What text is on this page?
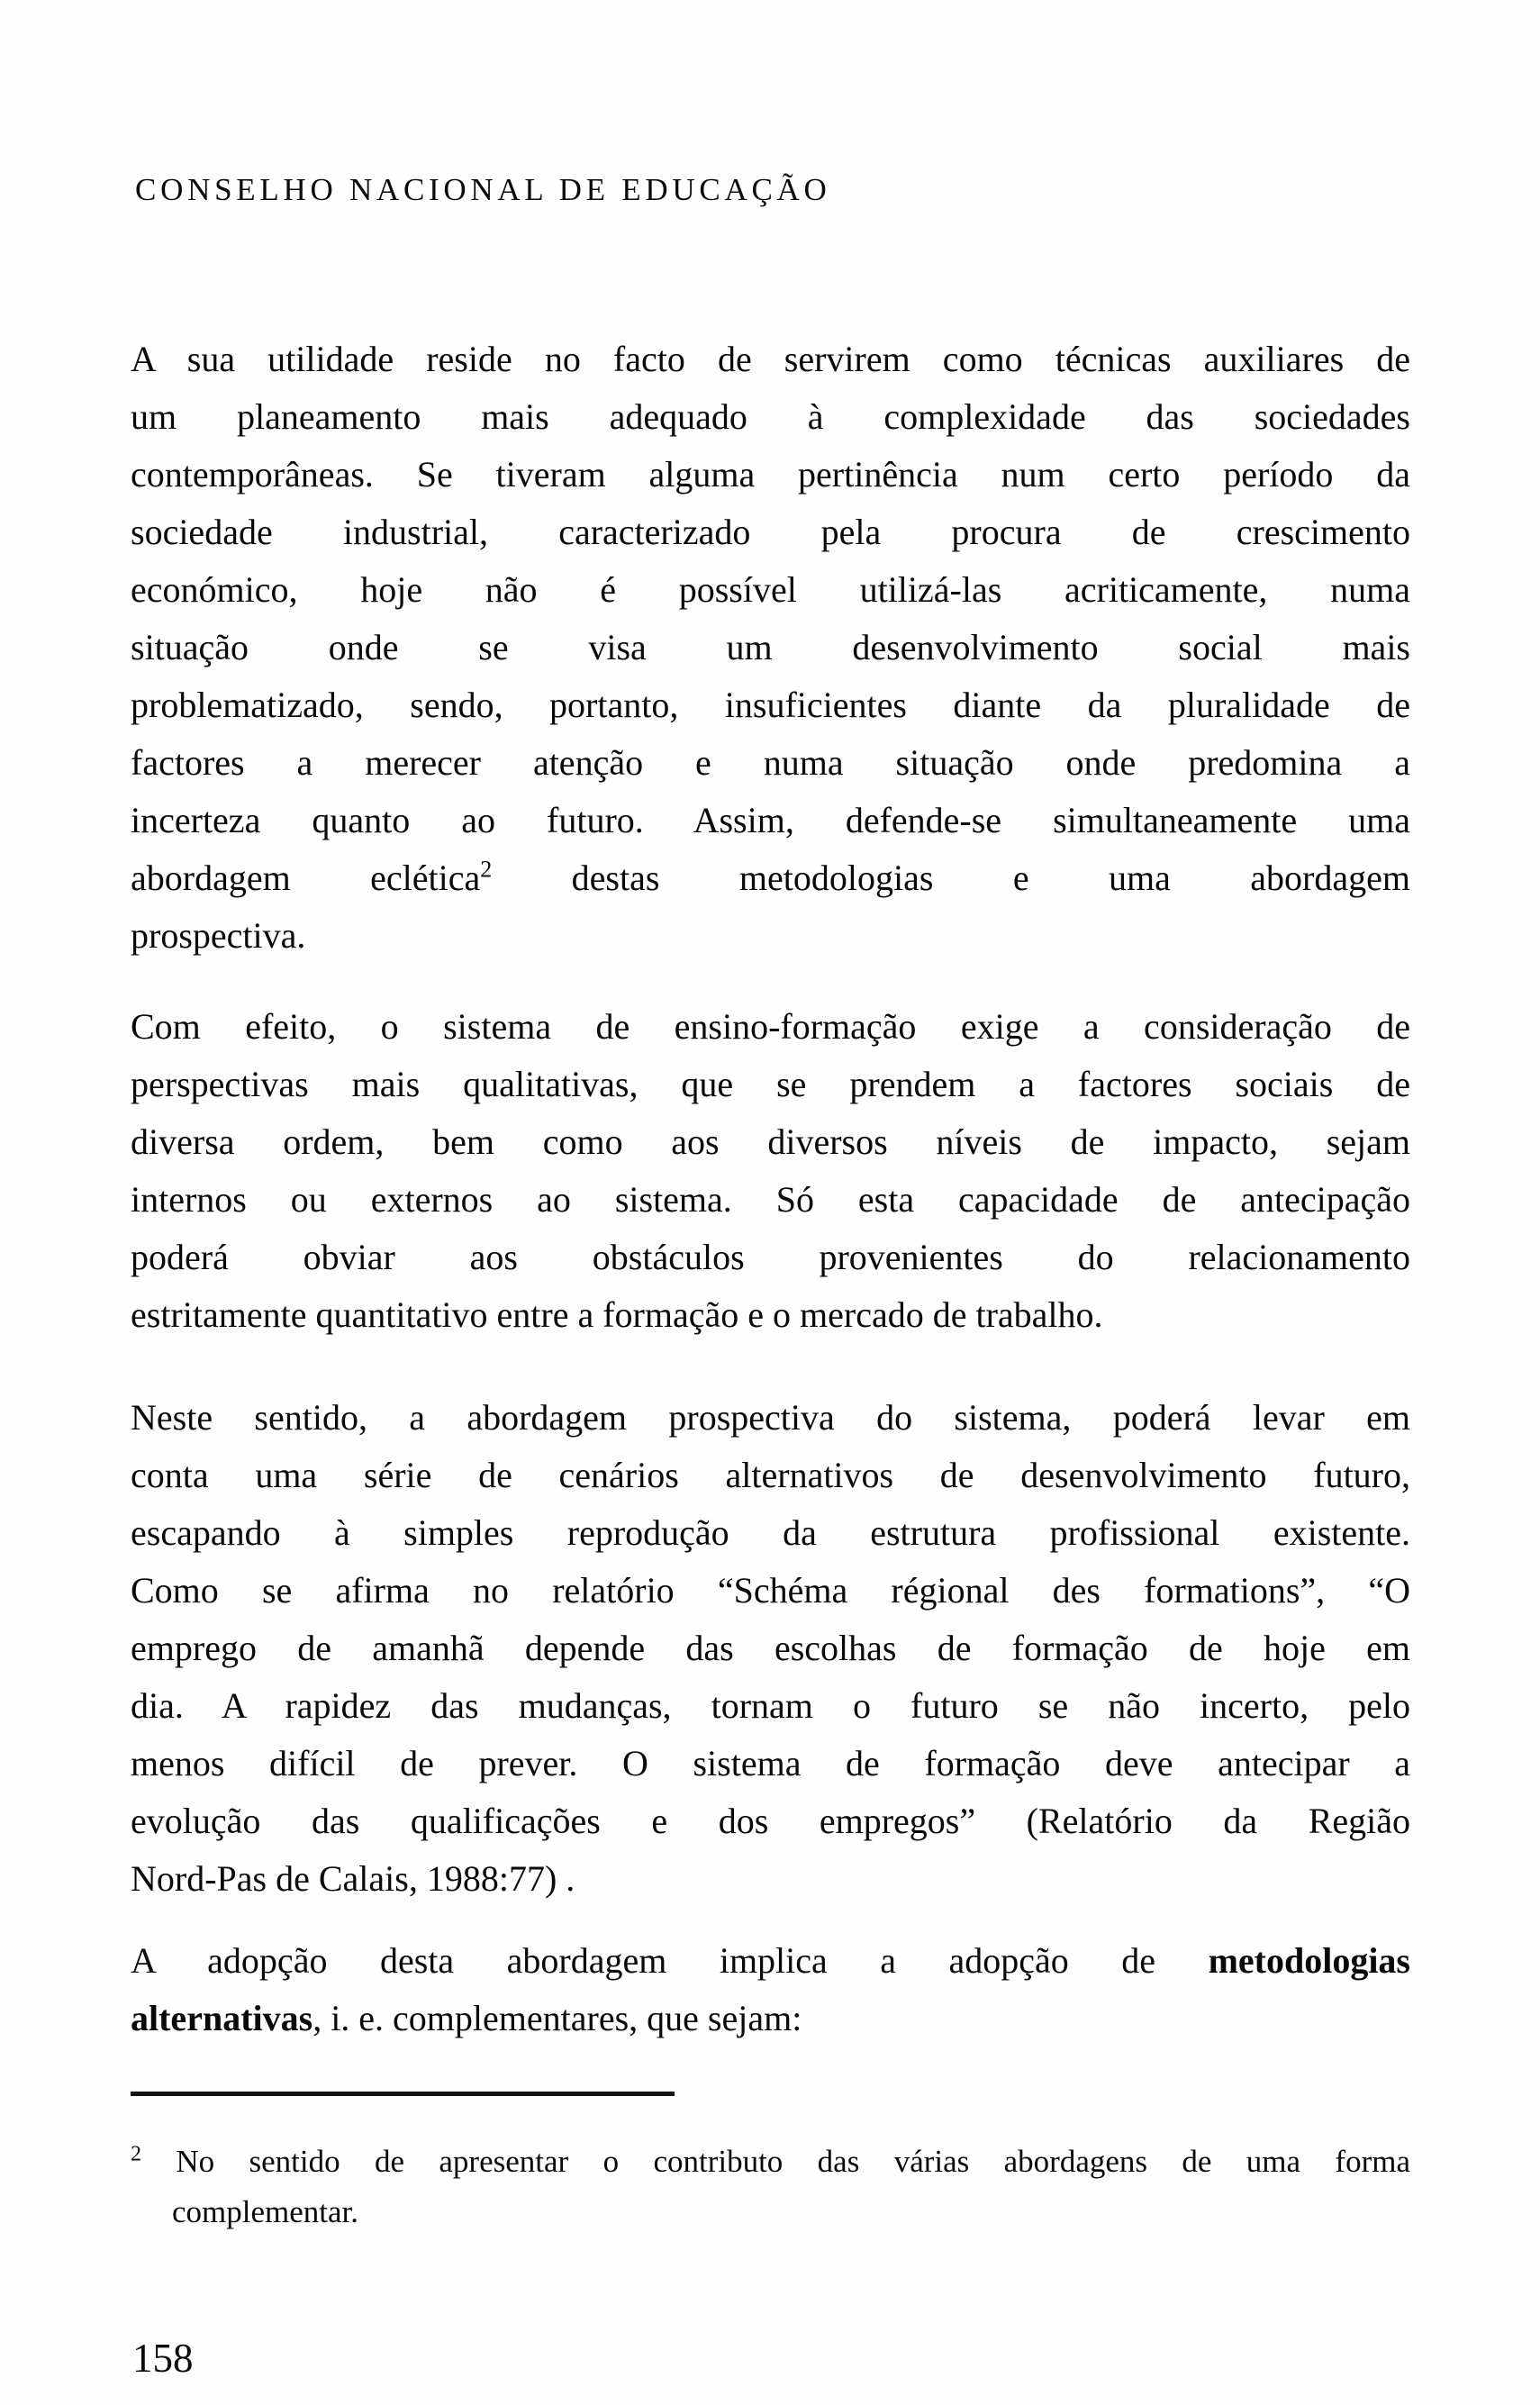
CONSELHO NACIONAL DE EDUCAÇÃO
A sua utilidade reside no facto de servirem como técnicas auxiliares de
um planeamento mais adequado à complexidade das sociedades
contemporâneas. Se tiveram alguma pertinência num certo período da
sociedade industrial, caracterizado pela procura de crescimento
económico, hoje não é possível utilizá-las acriticamente, numa
situação onde se visa um desenvolvimento social mais
problematizado, sendo, portanto, insuficientes diante da pluralidade de
factores a merecer atenção e numa situação onde predomina a
incerteza quanto ao futuro. Assim, defende-se simultaneamente uma
abordagem eclética$^2$ destas metodologias e uma abordagem
prospectiva.
Com efeito, o sistema de ensino-formação exige a consideração de
perspectivas mais qualitativas, que se prendem a factores sociais de
diversa ordem, bem como aos diversos níveis de impacto, sejam
internos ou externos ao sistema. Só esta capacidade de antecipação
poderá obviar aos obstáculos provenientes do relacionamento
estritamente quantitativo entre a formação e o mercado de trabalho.
Neste sentido, a abordagem prospectiva do sistema, poderá levar em
conta uma série de cenários alternativos de desenvolvimento futuro,
escapando à simples reprodução da estrutura profissional existente.
Como se afirma no relatório “Schéma régional des formations”, “O
emprego de amanhã depende das escolhas de formação de hoje em
dia. A rapidez das mudanças, tornam o futuro se não incerto, pelo
menos difícil de prever. O sistema de formação deve antecipar a
evolução das qualificações e dos empregos” (Relatório da Região
Nord-Pas de Calais, 1988:77) .
A adopção desta abordagem implica a adopção de metodologias
alternativas, i. e. complementares, que sejam:
$^2$ No sentido de apresentar o contributo das várias abordagens de uma forma
complementar.
158
